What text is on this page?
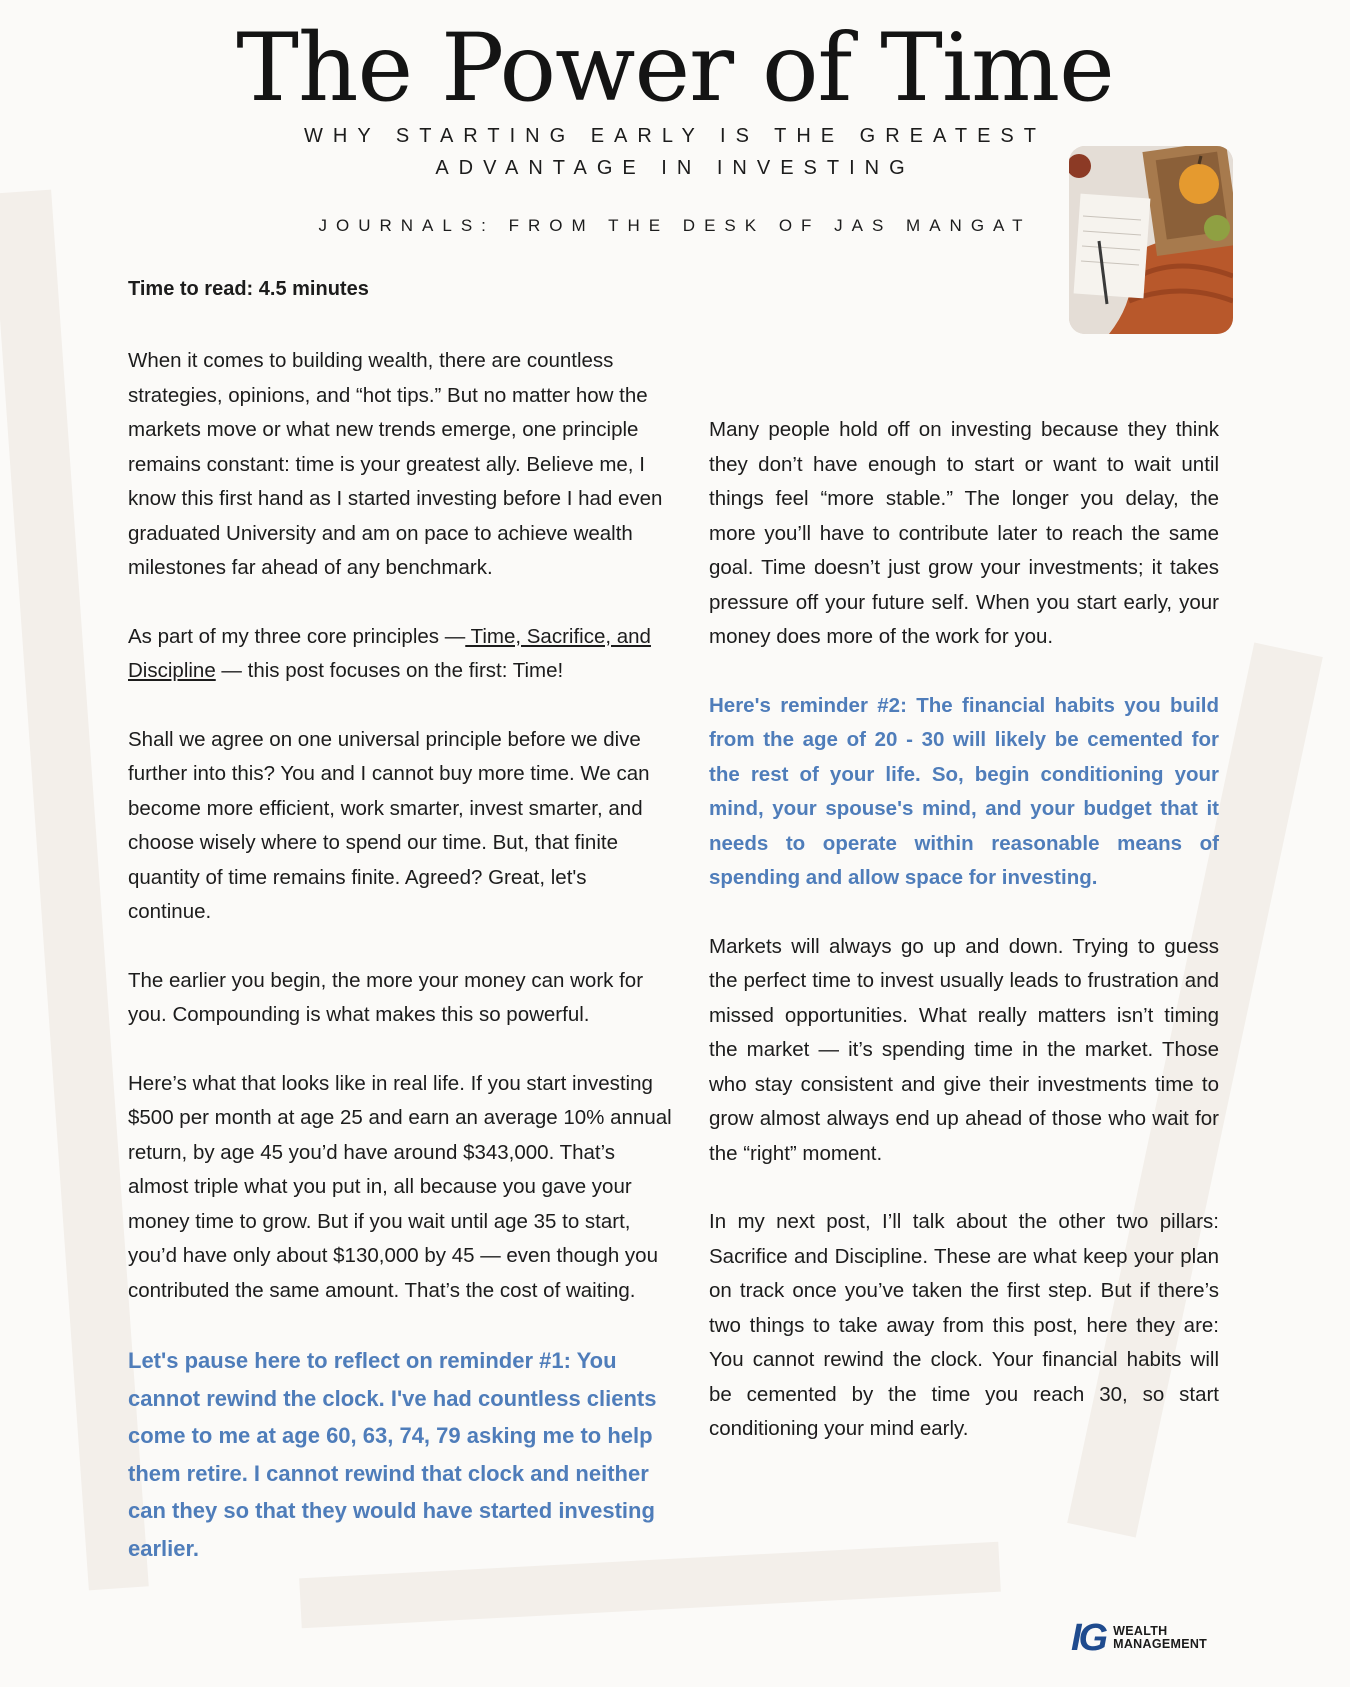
The Power of Time

WHY STARTING EARLY IS THE GREATEST ADVANTAGE IN INVESTING

JOURNALS: FROM THE DESK OF JAS MANGAT

Time to read: 4.5 minutes

When it comes to building wealth, there are countless strategies, opinions, and “hot tips.” But no matter how the markets move or what new trends emerge, one principle remains constant: time is your greatest ally. Believe me, I know this first hand as I started investing before I had even graduated University and am on pace to achieve wealth milestones far ahead of any benchmark.

As part of my three core principles — Time, Sacrifice, and Discipline — this post focuses on the first: Time!

Shall we agree on one universal principle before we dive further into this? You and I cannot buy more time. We can become more efficient, work smarter, invest smarter, and choose wisely where to spend our time. But, that finite quantity of time remains finite. Agreed? Great, let's continue.

The earlier you begin, the more your money can work for you. Compounding is what makes this so powerful.

Here’s what that looks like in real life. If you start investing $500 per month at age 25 and earn an average 10% annual return, by age 45 you’d have around $343,000. That’s almost triple what you put in, all because you gave your money time to grow. But if you wait until age 35 to start, you’d have only about $130,000 by 45 — even though you contributed the same amount. That’s the cost of waiting.

Let's pause here to reflect on reminder #1: You cannot rewind the clock. I've had countless clients come to me at age 60, 63, 74, 79 asking me to help them retire. I cannot rewind that clock and neither can they so that they would have started investing earlier.

Many people hold off on investing because they think they don’t have enough to start or want to wait until things feel “more stable.” The longer you delay, the more you’ll have to contribute later to reach the same goal. Time doesn’t just grow your investments; it takes pressure off your future self. When you start early, your money does more of the work for you.

Here's reminder #2: The financial habits you build from the age of 20 - 30 will likely be cemented for the rest of your life. So, begin conditioning your mind, your spouse's mind, and your budget that it needs to operate within reasonable means of spending and allow space for investing.

Markets will always go up and down. Trying to guess the perfect time to invest usually leads to frustration and missed opportunities. What really matters isn’t timing the market — it’s spending time in the market. Those who stay consistent and give their investments time to grow almost always end up ahead of those who wait for the “right” moment.

In my next post, I’ll talk about the other two pillars: Sacrifice and Discipline. These are what keep your plan on track once you’ve taken the first step. But if there’s two things to take away from this post, here they are: You cannot rewind the clock. Your financial habits will be cemented by the time you reach 30, so start conditioning your mind early.

IG WEALTH
MANAGEMENT
